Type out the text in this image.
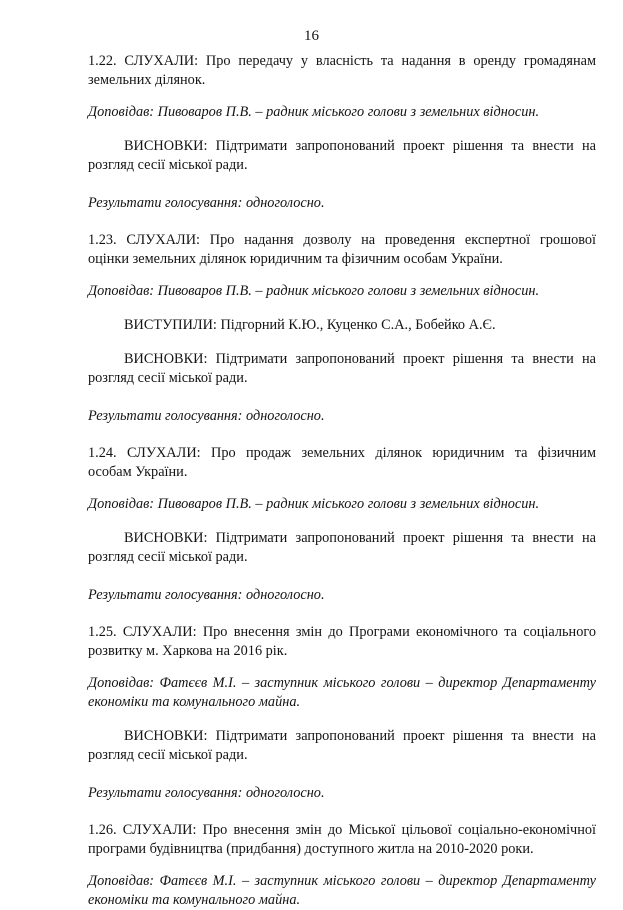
16

1.22. СЛУХАЛИ: Про передачу у власність та надання в оренду громадянам
земельних ділянок.

Доповідав: Пивоваров П.В. – радник міського голови з земельних відносин.

ВИСНОВКИ: Підтримати запропонований проект рішення та внести на
розгляд сесії міської ради.

Результати голосування: одноголосно.

1.23. СЛУХАЛИ: Про надання дозволу на проведення експертної грошової
оцінки земельних ділянок юридичним та фізичним особам України.

Доповідав: Пивоваров П.В. – радник міського голови з земельних відносин.

ВИСТУПИЛИ: Підгорний К.Ю., Куценко С.А., Бобейко А.Є.

ВИСНОВКИ: Підтримати запропонований проект рішення та внести на
розгляд сесії міської ради.

Результати голосування: одноголосно.

1.24. СЛУХАЛИ: Про продаж земельних ділянок юридичним та фізичним
особам України.

Доповідав: Пивоваров П.В. – радник міського голови з земельних відносин.

ВИСНОВКИ: Підтримати запропонований проект рішення та внести на
розгляд сесії міської ради.

Результати голосування: одноголосно.

1.25. СЛУХАЛИ: Про внесення змін до Програми економічного та соціального
розвитку м. Харкова на 2016 рік.

Доповідав: Фатєєв М.І. – заступник міського голови – директор Департаменту
економіки та комунального майна.

ВИСНОВКИ: Підтримати запропонований проект рішення та внести на
розгляд сесії міської ради.

Результати голосування: одноголосно.

1.26. СЛУХАЛИ: Про внесення змін до Міської цільової соціально-економічної
програми будівництва (придбання) доступного житла на 2010-2020 роки.

Доповідав: Фатєєв М.І. – заступник міського голови – директор Департаменту
економіки та комунального майна.
